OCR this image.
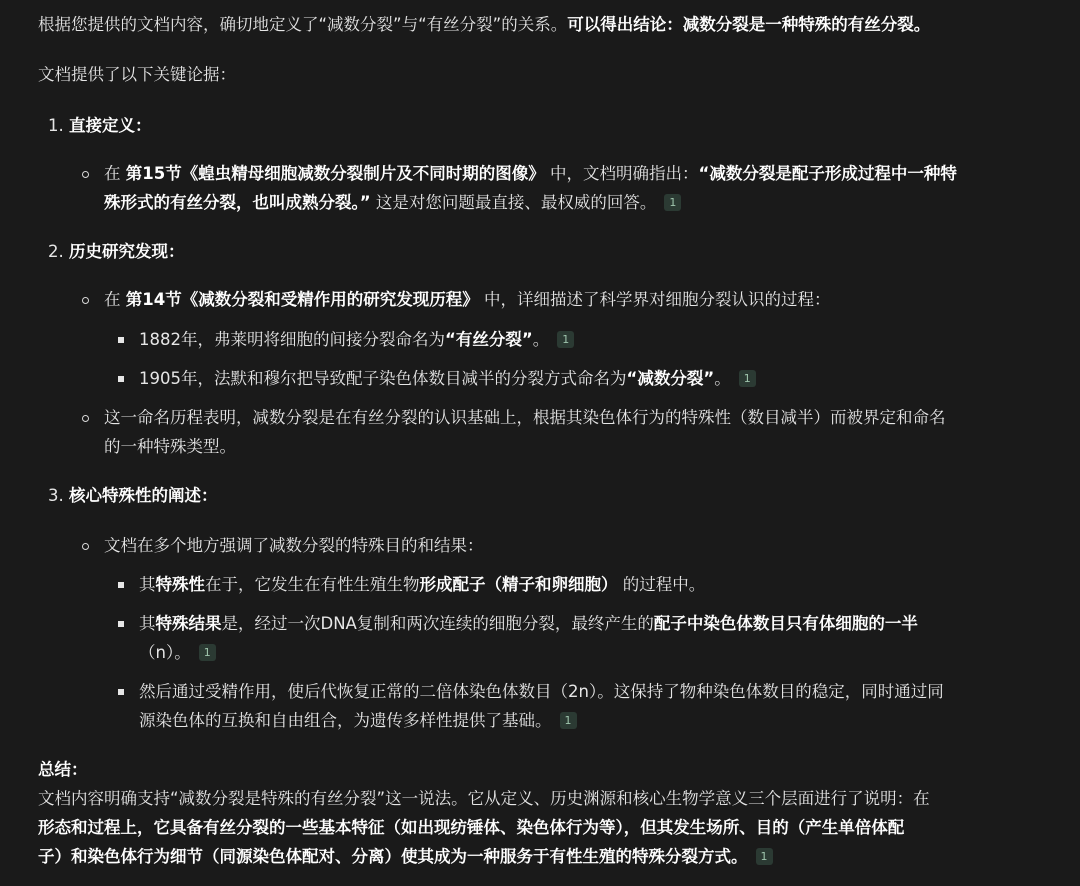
根据您提供的文档内容，确切地定义了“减数分裂”与“有丝分裂”的关系。可以得出结论：减数分裂是一种特殊的有丝分裂。
文档提供了以下关键论据：
1. 直接定义：
在 第15节《蝗虫精母细胞减数分裂制片及不同时期的图像》 中，文档明确指出：“减数分裂是配子形成过程中一种特
殊形式的有丝分裂，也叫成熟分裂。” 这是对您问题最直接、最权威的回答。 1
2. 历史研究发现：
在 第14节《减数分裂和受精作用的研究发现历程》 中，详细描述了科学界对细胞分裂认识的过程：
1882年，弗莱明将细胞的间接分裂命名为“有丝分裂”。 1
1905年，法默和穆尔把导致配子染色体数目减半的分裂方式命名为“减数分裂”。 1
这一命名历程表明，减数分裂是在有丝分裂的认识基础上，根据其染色体行为的特殊性（数目减半）而被界定和命名
的一种特殊类型。
3. 核心特殊性的阐述：
文档在多个地方强调了减数分裂的特殊目的和结果：
其特殊性在于，它发生在有性生殖生物形成配子（精子和卵细胞） 的过程中。
其特殊结果是，经过一次DNA复制和两次连续的细胞分裂，最终产生的配子中染色体数目只有体细胞的一半
（n）。 1
然后通过受精作用，使后代恢复正常的二倍体染色体数目（2n）。这保持了物种染色体数目的稳定，同时通过同
源染色体的互换和自由组合，为遗传多样性提供了基础。 1
总结：
文档内容明确支持“减数分裂是特殊的有丝分裂”这一说法。它从定义、历史渊源和核心生物学意义三个层面进行了说明：在
形态和过程上，它具备有丝分裂的一些基本特征（如出现纺锤体、染色体行为等），但其发生场所、目的（产生单倍体配
子）和染色体行为细节（同源染色体配对、分离）使其成为一种服务于有性生殖的特殊分裂方式。 1
